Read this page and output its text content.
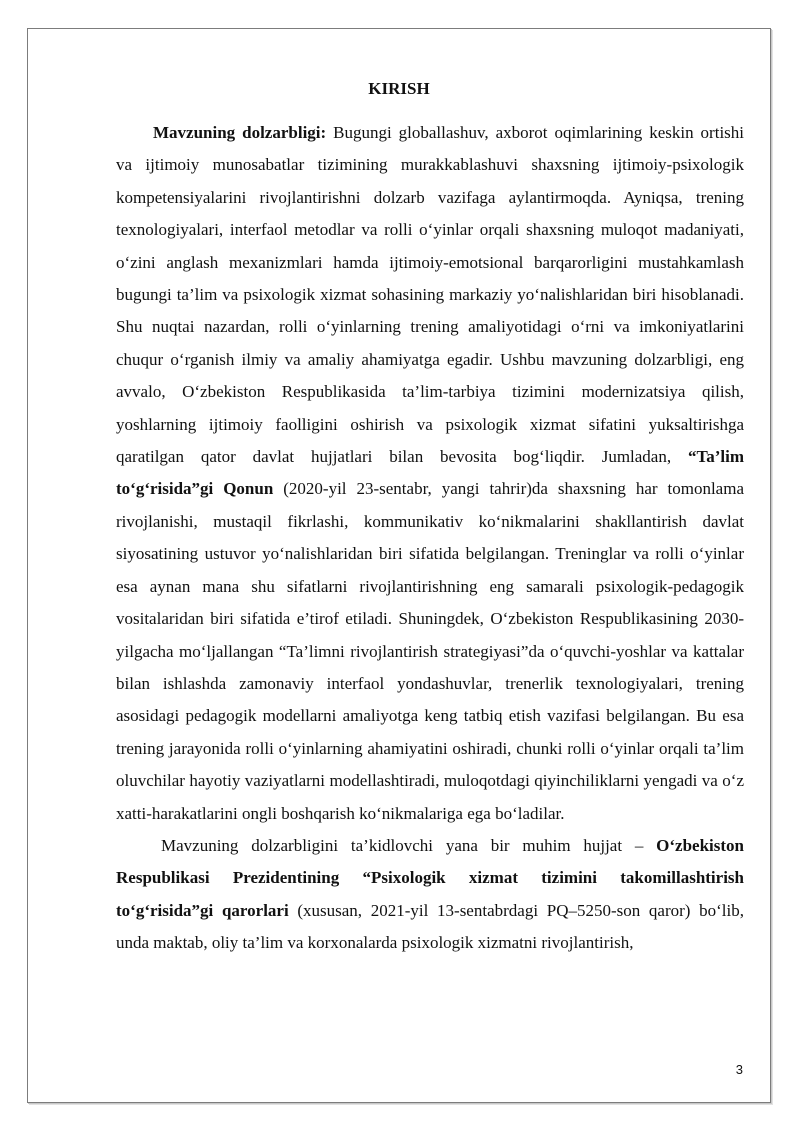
KIRISH

Mavzuning dolzarbligi: Bugungi globallashuv, axborot oqimlarining keskin ortishi va ijtimoiy munosabatlar tizimining murakkablashuvi shaxsning ijtimoiy-psixologik kompetensiyalarini rivojlantirishni dolzarb vazifaga aylantirmoqda. Ayniqsa, trening texnologiyalari, interfaol metodlar va rolli o‘yinlar orqali shaxsning muloqot madaniyati, o‘zini anglash mexanizmlari hamda ijtimoiy-emotsional barqarorligini mustahkamlash bugungi ta’lim va psixologik xizmat sohasining markaziy yo‘nalishlaridan biri hisoblanadi. Shu nuqtai nazardan, rolli o‘yinlarning trening amaliyotidagi o‘rni va imkoniyatlarini chuqur o‘rganish ilmiy va amaliy ahamiyatga egadir. Ushbu mavzuning dolzarbligi, eng avvalo, O‘zbekiston Respublikasida ta’lim-tarbiya tizimini modernizatsiya qilish, yoshlarning ijtimoiy faolligini oshirish va psixologik xizmat sifatini yuksaltirishga qaratilgan qator davlat hujjatlari bilan bevosita bog‘liqdir. Jumladan, “Ta’lim to‘g‘risida”gi Qonun (2020-yil 23-sentabr, yangi tahrir)da shaxsning har tomonlama rivojlanishi, mustaqil fikrlashi, kommunikativ ko‘nikmalarini shakllantirish davlat siyosatining ustuvor yo‘nalishlaridan biri sifatida belgilangan. Treninglar va rolli o‘yinlar esa aynan mana shu sifatlarni rivojlantirishning eng samarali psixologik-pedagogik vositalaridan biri sifatida e’tirof etiladi. Shuningdek, O‘zbekiston Respublikasining 2030-yilgacha mo‘ljallangan “Ta’limni rivojlantirish strategiyasi”da o‘quvchi-yoshlar va kattalar bilan ishlashda zamonaviy interfaol yondashuvlar, trenerlik texnologiyalari, trening asosidagi pedagogik modellarni amaliyotga keng tatbiq etish vazifasi belgilangan. Bu esa trening jarayonida rolli o‘yinlarning ahamiyatini oshiradi, chunki rolli o‘yinlar orqali ta’lim oluvchilar hayotiy vaziyatlarni modellashtiradi, muloqotdagi qiyinchiliklarni yengadi va o‘z xatti-harakatlarini ongli boshqarish ko‘nikmalariga ega bo‘ladilar.

Mavzuning dolzarbligini ta’kidlovchi yana bir muhim hujjat – O‘zbekiston Respublikasi Prezidentining “Psixologik xizmat tizimini takomillashtirish to‘g‘risida”gi qarorlari (xususan, 2021-yil 13-sentabrdagi PQ–5250-son qaror) bo‘lib, unda maktab, oliy ta’lim va korxonalarda psixologik xizmatni rivojlantirish,

3
